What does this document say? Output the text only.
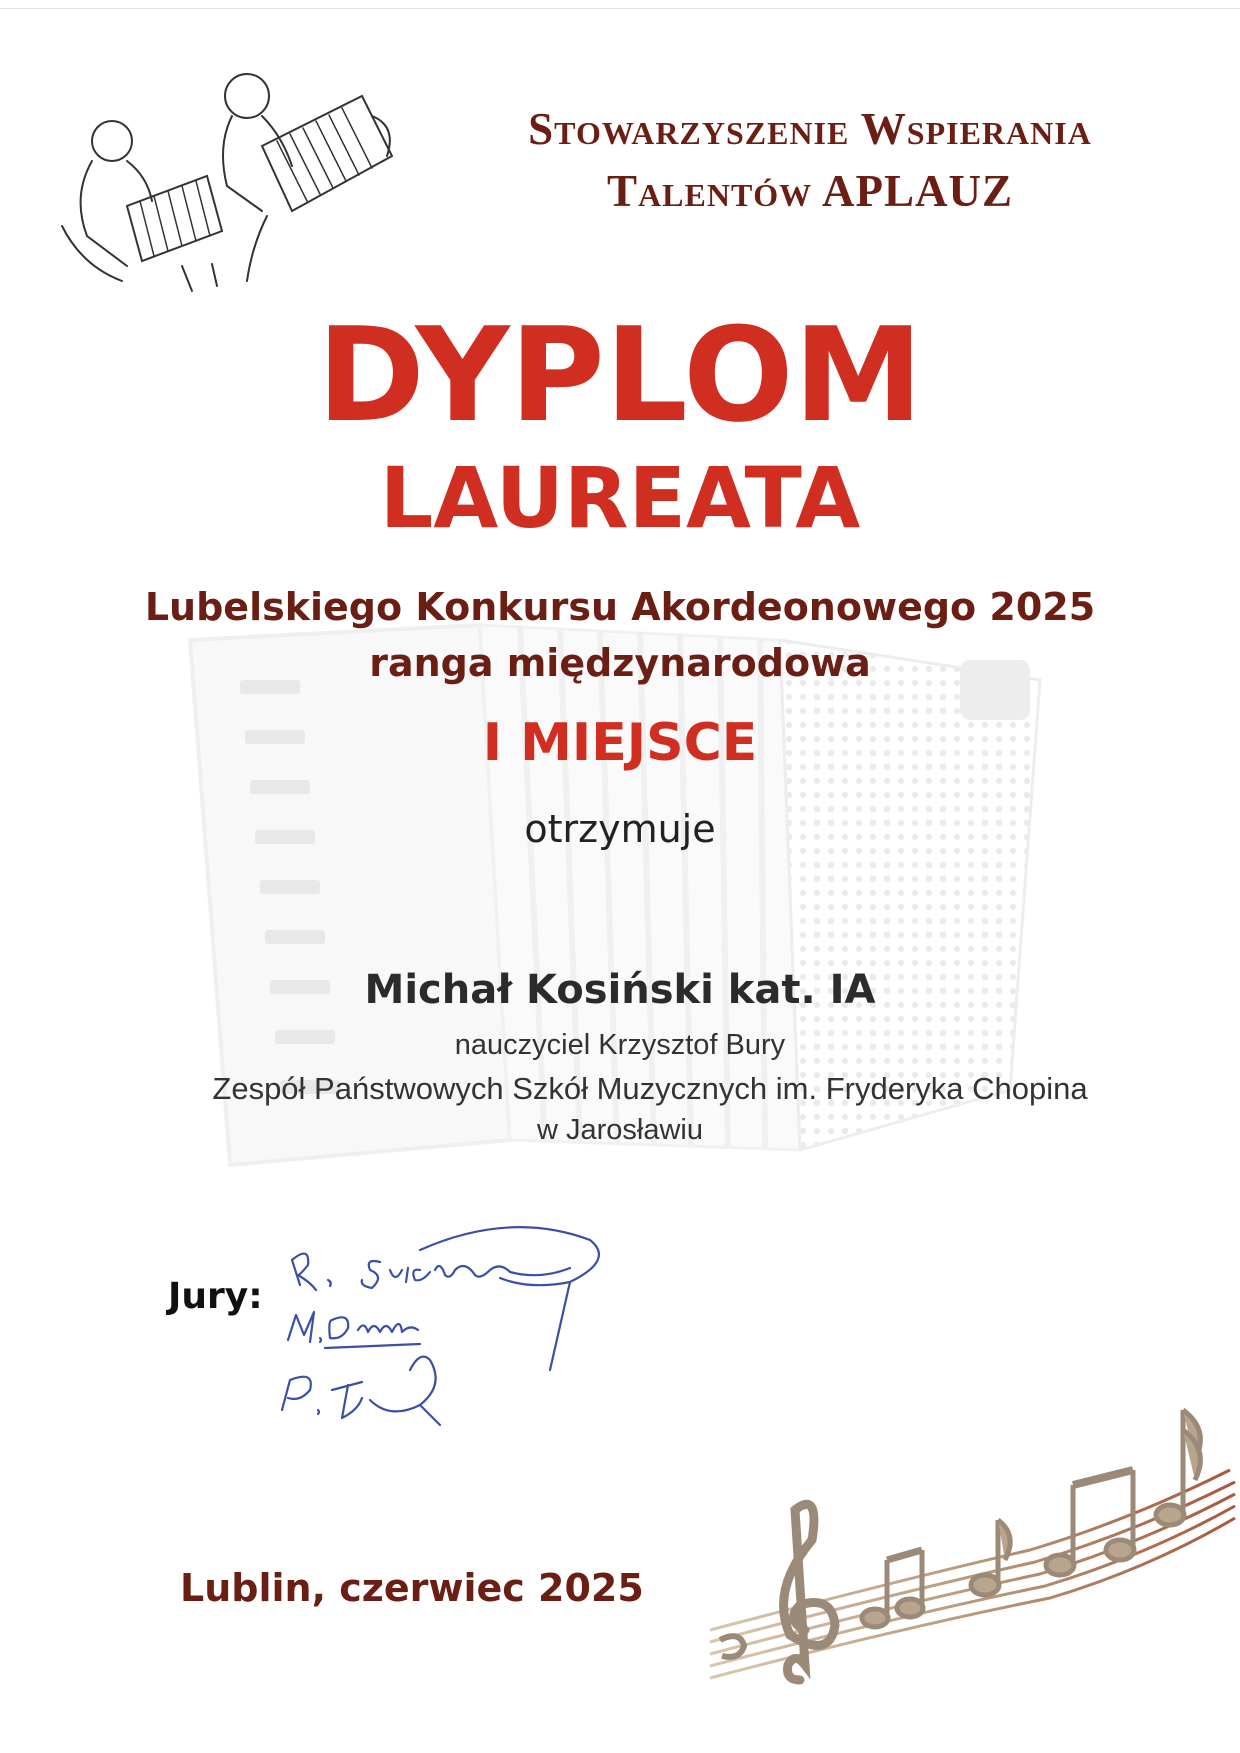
Stowarzyszenie Wspierania
Talentów APLAUZ
DYPLOM
LAUREATA
Lubelskiego Konkursu Akordeonowego 2025
ranga międzynarodowa
I MIEJSCE
otrzymuje
Michał Kosiński kat. IA
nauczyciel Krzysztof Bury
Zespół Państwowych Szkół Muzycznych im. Fryderyka Chopina
w Jarosławiu
Jury:
Lublin, czerwiec 2025
